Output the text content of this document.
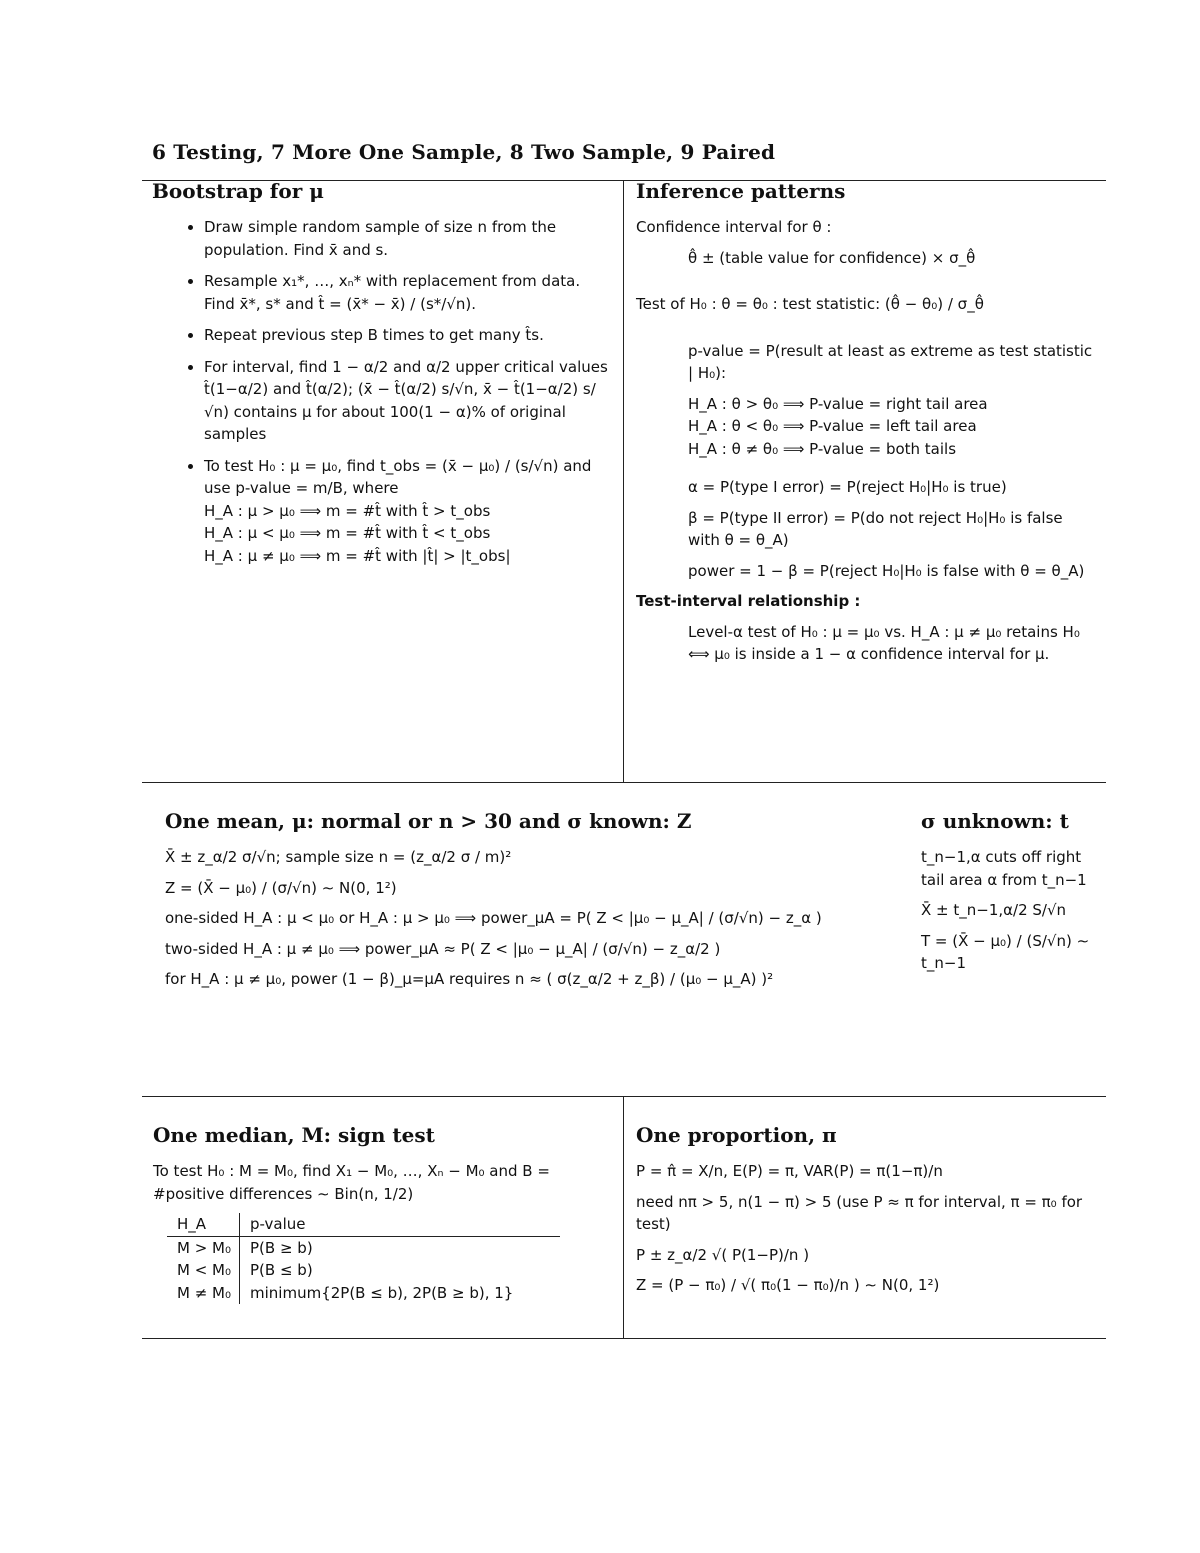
6 Testing, 7 More One Sample, 8 Two Sample, 9 Paired
Bootstrap for μ
• Draw simple random sample of size n from the population. Find x̄ and s.
• Resample x₁*, …, xₙ* with replacement from data. Find x̄*, s* and t̂ = (x̄* − x̄) / (s*/√n).
• Repeat previous step B times to get many t̂s.
• For interval, find 1 − α/2 and α/2 upper critical values t̂(1−α/2) and t̂(α/2); (x̄ − t̂(α/2) s/√n, x̄ − t̂(1−α/2) s/√n) contains μ for about 100(1 − α)% of original samples
• To test H₀ : μ = μ₀, find t_obs = (x̄ − μ₀) / (s/√n) and use p-value = m/B, where
H_A : μ > μ₀ ⟹ m = #t̂ with t̂ > t_obs
H_A : μ < μ₀ ⟹ m = #t̂ with t̂ < t_obs
H_A : μ ≠ μ₀ ⟹ m = #t̂ with |t̂| > |t_obs|
Inference patterns
Confidence interval for θ :
θ̂ ± (table value for confidence) × σ_θ̂
Test of H₀ : θ = θ₀ : test statistic: (θ̂ − θ₀) / σ_θ̂
p-value = P(result at least as extreme as test statistic | H₀):
H_A : θ > θ₀ ⟹ P-value = right tail area
H_A : θ < θ₀ ⟹ P-value = left tail area
H_A : θ ≠ θ₀ ⟹ P-value = both tails
α = P(type I error) = P(reject H₀|H₀ is true)
β = P(type II error) = P(do not reject H₀|H₀ is false with θ = θ_A)
power = 1 − β = P(reject H₀|H₀ is false with θ = θ_A)
Test-interval relationship :
Level-α test of H₀ : μ = μ₀ vs. H_A : μ ≠ μ₀ retains H₀ ⟺ μ₀ is inside a 1 − α confidence interval for μ.
One mean, μ: normal or n > 30 and σ known: Z
X̄ ± z_α/2 σ/√n; sample size n = (z_α/2 σ / m)²
Z = (X̄ − μ₀) / (σ/√n) ∼ N(0, 1²)
one-sided H_A : μ < μ₀ or H_A : μ > μ₀ ⟹ power_μA = P( Z < |μ₀ − μ_A| / (σ/√n) − z_α )
two-sided H_A : μ ≠ μ₀ ⟹ power_μA ≈ P( Z < |μ₀ − μ_A| / (σ/√n) − z_α/2 )
for H_A : μ ≠ μ₀, power (1 − β)_μ=μA requires n ≈ ( σ(z_α/2 + z_β) / (μ₀ − μ_A) )²
σ unknown: t
t_n−1,α cuts off right tail area α from t_n−1
X̄ ± t_n−1,α/2 S/√n
T = (X̄ − μ₀) / (S/√n) ∼ t_n−1
One median, M: sign test
To test H₀ : M = M₀, find X₁ − M₀, …, Xₙ − M₀ and B = #positive differences ∼ Bin(n, 1/2)
H_A	p-value
M > M₀	P(B ≥ b)
M < M₀	P(B ≤ b)
M ≠ M₀	minimum{2P(B ≤ b), 2P(B ≥ b), 1}
One proportion, π
P = π̂ = X/n, E(P) = π, VAR(P) = π(1−π)/n
need nπ > 5, n(1 − π) > 5 (use P ≈ π for interval, π = π₀ for test)
P ± z_α/2 √( P(1−P)/n )
Z = (P − π₀) / √( π₀(1 − π₀)/n ) ∼ N(0, 1²)
